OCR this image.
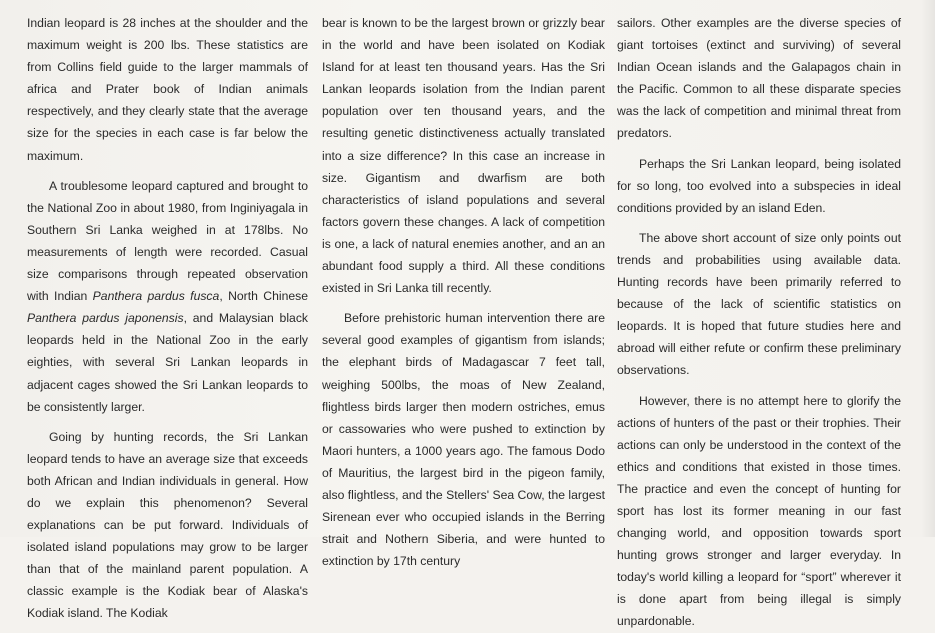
Indian leopard is 28 inches at the shoulder and the maximum weight is 200 lbs. These statistics are from Collins field guide to the larger mammals of africa and Prater book of Indian animals respectively, and they clearly state that the average size for the species in each case is far below the maximum.

A troublesome leopard captured and brought to the National Zoo in about 1980, from Inginiyagala in Southern Sri Lanka weighed in at 178lbs. No measurements of length were recorded. Casual size comparisons through repeated observation with Indian Panthera pardus fusca, North Chinese Panthera pardus japonensis, and Malaysian black leopards held in the National Zoo in the early eighties, with several Sri Lankan leopards in adjacent cages showed the Sri Lankan leopards to be consistently larger.

Going by hunting records, the Sri Lankan leopard tends to have an average size that exceeds both African and Indian individuals in general. How do we explain this phenomenon? Several explanations can be put forward. Individuals of isolated island populations may grow to be larger than that of the mainland parent population. A classic example is the Kodiak bear of Alaska's Kodiak island. The Kodiak

bear is known to be the largest brown or grizzly bear in the world and have been isolated on Kodiak Island for at least ten thousand years. Has the Sri Lankan leopards isolation from the Indian parent population over ten thousand years, and the resulting genetic distinctiveness actually translated into a size difference? In this case an increase in size. Gigantism and dwarfism are both characteristics of island populations and several factors govern these changes. A lack of competition is one, a lack of natural enemies another, and an an abundant food supply a third. All these conditions existed in Sri Lanka till recently.

Before prehistoric human intervention there are several good examples of gigantism from islands; the elephant birds of Madagascar 7 feet tall, weighing 500lbs, the moas of New Zealand, flightless birds larger then modern ostriches, emus or cassowaries who were pushed to extinction by Maori hunters, a 1000 years ago. The famous Dodo of Mauritius, the largest bird in the pigeon family, also flightless, and the Stellers' Sea Cow, the largest Sirenean ever who occupied islands in the Berring strait and Nothern Siberia, and were hunted to extinction by 17th century

sailors. Other examples are the diverse species of giant tortoises (extinct and surviving) of several Indian Ocean islands and the Galapagos chain in the Pacific. Common to all these disparate species was the lack of competition and minimal threat from predators.

Perhaps the Sri Lankan leopard, being isolated for so long, too evolved into a subspecies in ideal conditions provided by an island Eden.

The above short account of size only points out trends and probabilities using available data. Hunting records have been primarily referred to because of the lack of scientific statistics on leopards. It is hoped that future studies here and abroad will either refute or confirm these preliminary observations.

However, there is no attempt here to glorify the actions of hunters of the past or their trophies. Their actions can only be understood in the context of the ethics and conditions that existed in those times. The practice and even the concept of hunting for sport has lost its former meaning in our fast changing world, and opposition towards sport hunting grows stronger and larger everyday. In today's world killing a leopard for “sport” wherever it is done apart from being illegal is simply unpardonable.
